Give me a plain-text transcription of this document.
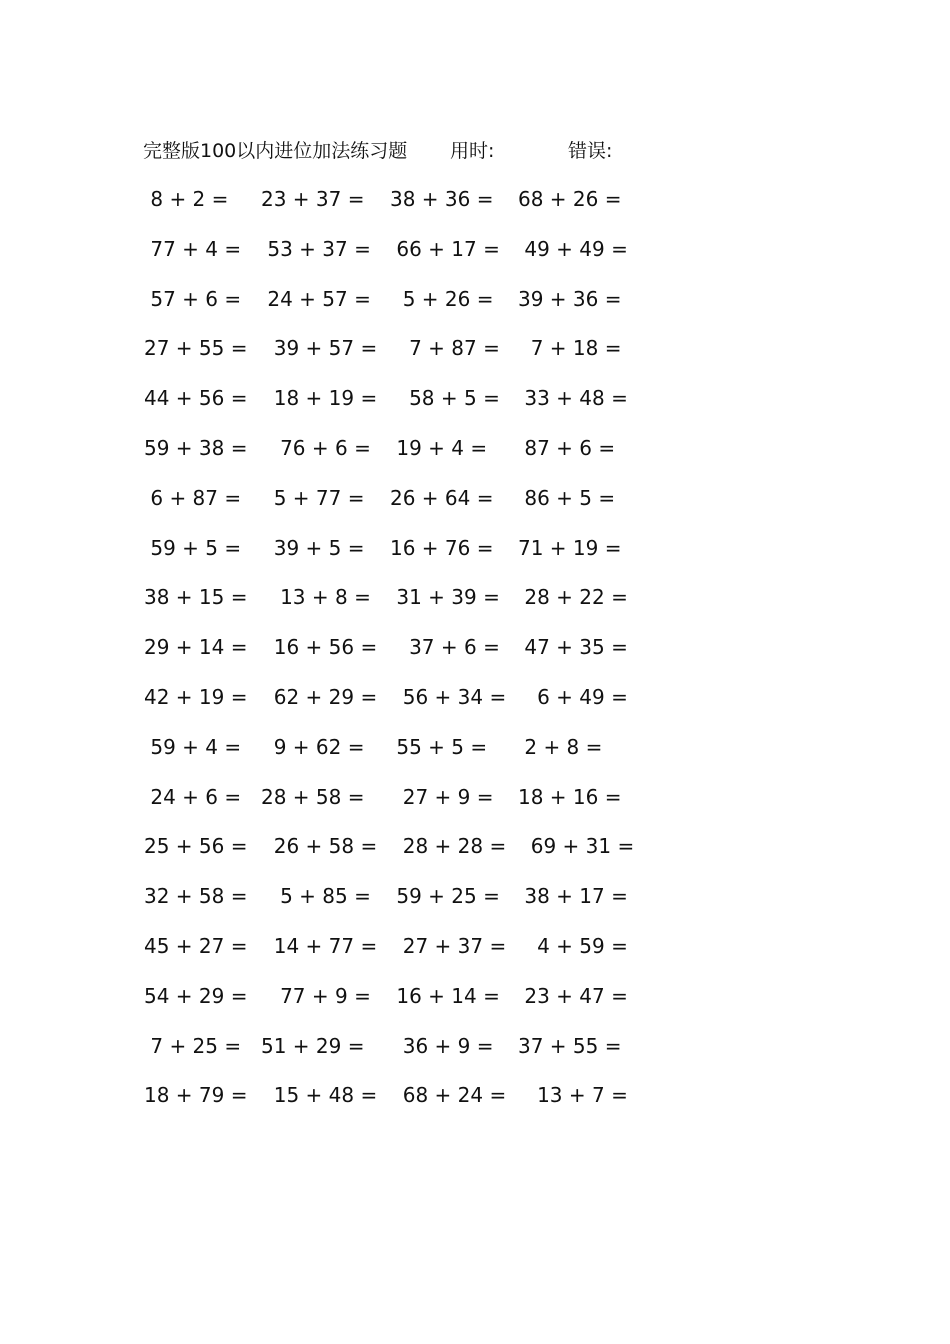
完整版100以内进位加法练习题 用时:	错误:
8 + 2 = 23 + 37 = 38 + 36 = 68 + 26 =
77 + 4 = 53 + 37 = 66 + 17 = 49 + 49 =
57 + 6 = 24 + 57 = 5 + 26 = 39 + 36 =
27 + 55 = 39 + 57 = 7 + 87 = 7 + 18 =
44 + 56 = 18 + 19 = 58 + 5 = 33 + 48 =
59 + 38 = 76 + 6 = 19 + 4 = 87 + 6 =
6 + 87 = 5 + 77 = 26 + 64 = 86 + 5 =
59 + 5 = 39 + 5 = 16 + 76 = 71 + 19 =
38 + 15 = 13 + 8 = 31 + 39 = 28 + 22 =
29 + 14 = 16 + 56 = 37 + 6 = 47 + 35 =
42 + 19 = 62 + 29 = 56 + 34 = 6 + 49 =
59 + 4 = 9 + 62 = 55 + 5 = 2 + 8 =
24 + 6 = 28 + 58 = 27 + 9 = 18 + 16 =
25 + 56 = 26 + 58 = 28 + 28 = 69 + 31 =
32 + 58 = 5 + 85 = 59 + 25 = 38 + 17 =
45 + 27 = 14 + 77 = 27 + 37 = 4 + 59 =
54 + 29 = 77 + 9 = 16 + 14 = 23 + 47 =
7 + 25 = 51 + 29 = 36 + 9 = 37 + 55 =
18 + 79 = 15 + 48 = 68 + 24 = 13 + 7 =
